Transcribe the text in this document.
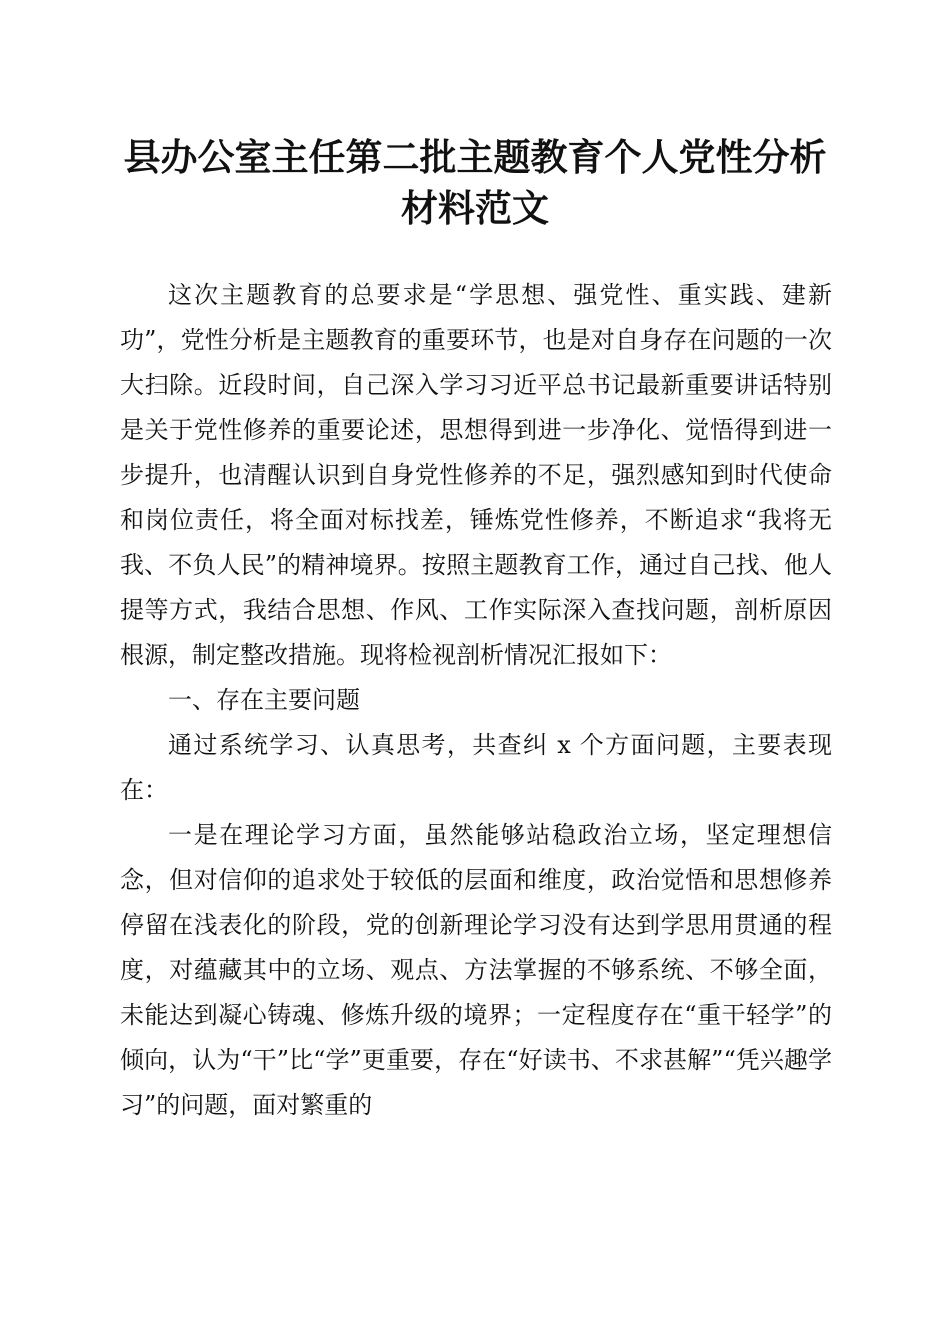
县办公室主任第二批主题教育个人党性分析材料范文

这次主题教育的总要求是“学思想、强党性、重实践、建新功”，党性分析是主题教育的重要环节，也是对自身存在问题的一次大扫除。近段时间，自己深入学习习近平总书记最新重要讲话特别是关于党性修养的重要论述，思想得到进一步净化、觉悟得到进一步提升，也清醒认识到自身党性修养的不足，强烈感知到时代使命和岗位责任，将全面对标找差，锤炼党性修养，不断追求“我将无我、不负人民”的精神境界。按照主题教育工作，通过自己找、他人提等方式，我结合思想、作风、工作实际深入查找问题，剖析原因根源，制定整改措施。现将检视剖析情况汇报如下：

一、存在主要问题

通过系统学习、认真思考，共查纠 x 个方面问题，主要表现在：

一是在理论学习方面，虽然能够站稳政治立场，坚定理想信念，但对信仰的追求处于较低的层面和维度，政治觉悟和思想修养停留在浅表化的阶段，党的创新理论学习没有达到学思用贯通的程度，对蕴藏其中的立场、观点、方法掌握的不够系统、不够全面，未能达到凝心铸魂、修炼升级的境界；一定程度存在“重干轻学”的倾向，认为“干”比“学”更重要，存在“好读书、不求甚解”“凭兴趣学习”的问题，面对繁重的
